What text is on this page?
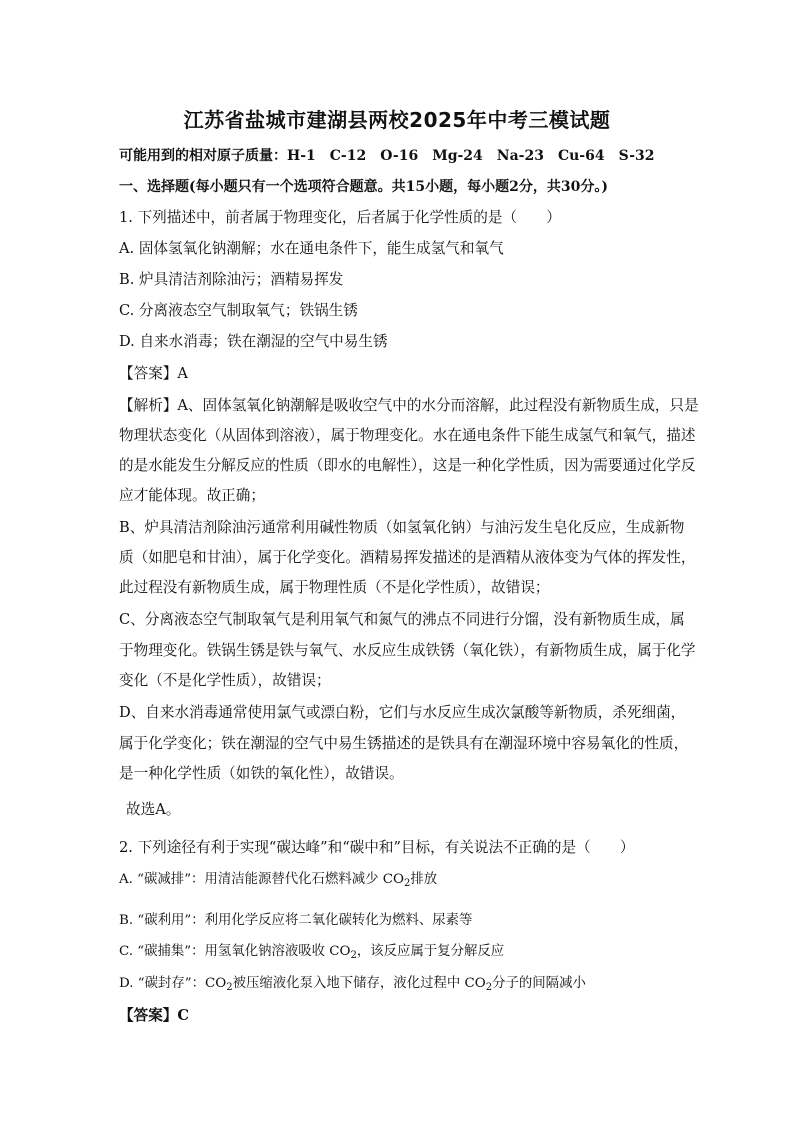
江苏省盐城市建湖县两校2025年中考三模试题
可能用到的相对原子质量：H-1　C-12　O-16　Mg-24　Na-23　Cu-64　S-32
一、选择题(每小题只有一个选项符合题意。共15小题，每小题2分，共30分。)
1. 下列描述中，前者属于物理变化，后者属于化学性质的是（　　）
A. 固体氢氧化钠潮解；水在通电条件下，能生成氢气和氧气
B. 炉具清洁剂除油污；酒精易挥发
C. 分离液态空气制取氧气；铁锅生锈
D. 自来水消毒；铁在潮湿的空气中易生锈
【答案】A
【解析】A、固体氢氧化钠潮解是吸收空气中的水分而溶解，此过程没有新物质生成，只是
物理状态变化（从固体到溶液），属于物理变化。水在通电条件下能生成氢气和氧气，描述
的是水能发生分解反应的性质（即水的电解性），这是一种化学性质，因为需要通过化学反
应才能体现。故正确；
B、炉具清洁剂除油污通常利用碱性物质（如氢氧化钠）与油污发生皂化反应，生成新物
质（如肥皂和甘油），属于化学变化。酒精易挥发描述的是酒精从液体变为气体的挥发性，
此过程没有新物质生成，属于物理性质（不是化学性质），故错误；
C、分离液态空气制取氧气是利用氧气和氮气的沸点不同进行分馏，没有新物质生成，属
于物理变化。铁锅生锈是铁与氧气、水反应生成铁锈（氧化铁），有新物质生成，属于化学
变化（不是化学性质），故错误；
D、自来水消毒通常使用氯气或漂白粉，它们与水反应生成次氯酸等新物质，杀死细菌，
属于化学变化；铁在潮湿的空气中易生锈描述的是铁具有在潮湿环境中容易氧化的性质，
是一种化学性质（如铁的氧化性），故错误。
故选A。
2. 下列途径有利于实现“碳达峰”和“碳中和”目标，有关说法不正确的是（　　）
A. “碳减排”：用清洁能源替代化石燃料减少 $CO_2$排放
B. “碳利用”：利用化学反应将二氧化碳转化为燃料、尿素等
C. “碳捕集”：用氢氧化钠溶液吸收 $CO_2$，该反应属于复分解反应
D. “碳封存”：$CO_2$被压缩液化泵入地下储存，液化过程中 $CO_2$分子的间隔减小
【答案】C
